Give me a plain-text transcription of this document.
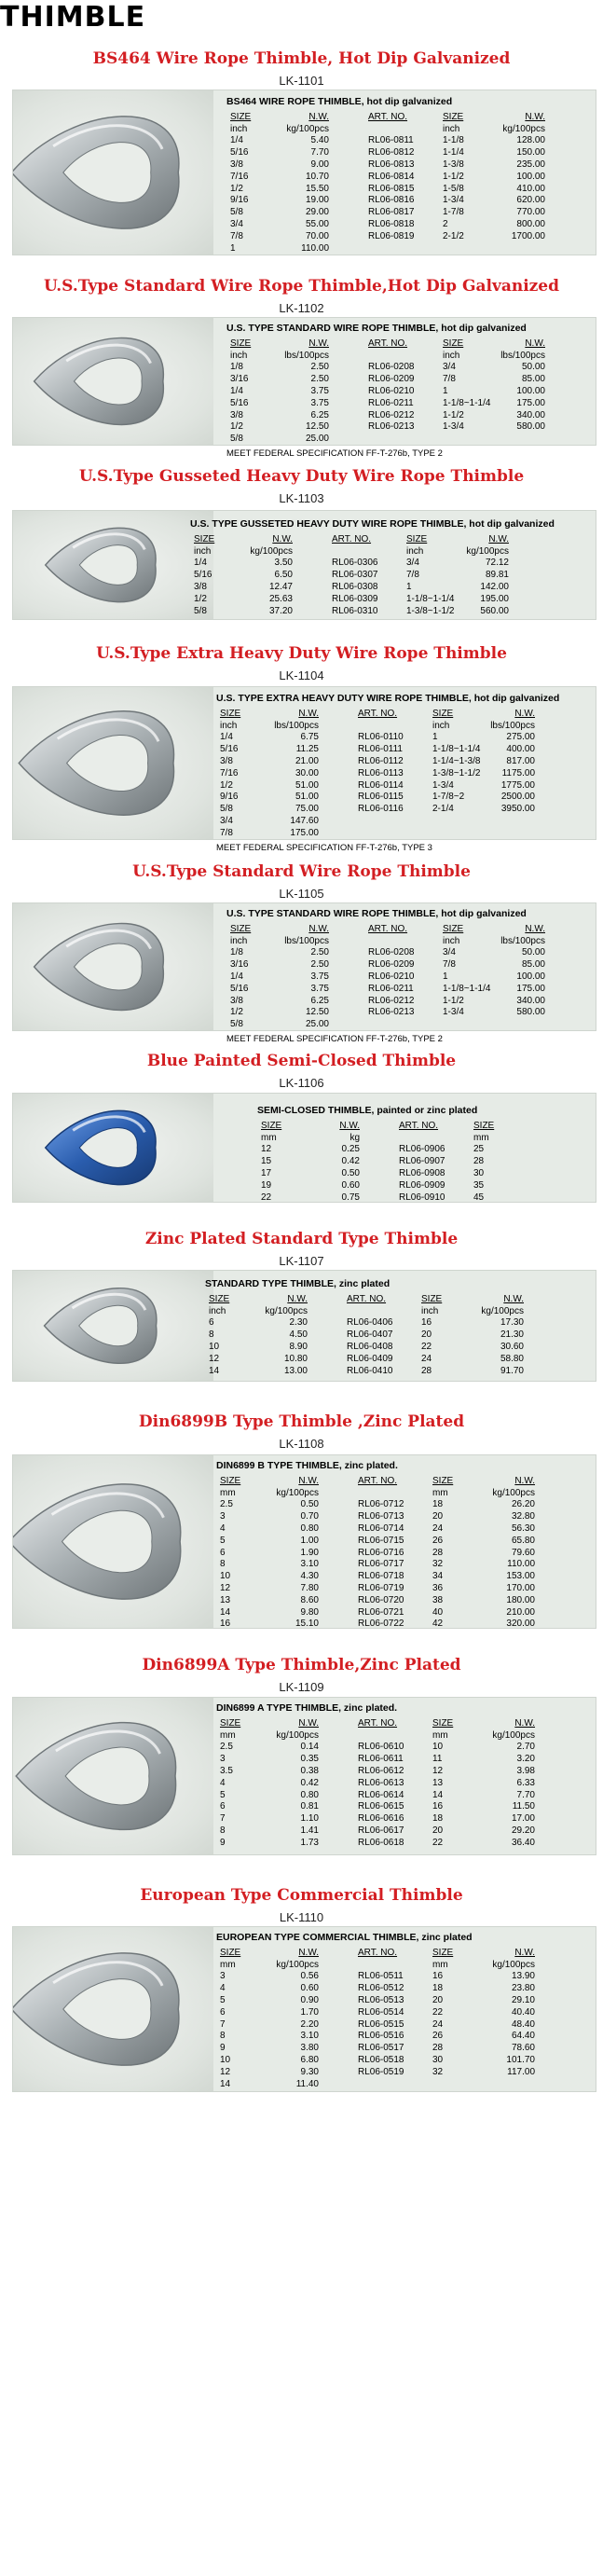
THIMBLE
BS464 Wire Rope Thimble, Hot Dip Galvanized
LK-1101
BS464 WIRE ROPE THIMBLE, hot dip galvanized
SIZE	N.W.	ART. NO.	SIZE	N.W.
inch	kg/100pcs		inch	kg/100pcs
1/4	5.40	RL06-0811	1-1/8	128.00
5/16	7.70	RL06-0812	1-1/4	150.00
3/8	9.00	RL06-0813	1-3/8	235.00
7/16	10.70	RL06-0814	1-1/2	100.00
1/2	15.50	RL06-0815	1-5/8	410.00
9/16	19.00	RL06-0816	1-3/4	620.00
5/8	29.00	RL06-0817	1-7/8	770.00
3/4	55.00	RL06-0818	2	800.00
7/8	70.00	RL06-0819	2-1/2	1700.00
1	110.00			
U.S.Type Standard Wire Rope Thimble,Hot Dip Galvanized
LK-1102
U.S. TYPE STANDARD WIRE ROPE THIMBLE, hot dip galvanized
SIZE	N.W.	ART. NO.	SIZE	N.W.
inch	lbs/100pcs		inch	lbs/100pcs
1/8	2.50	RL06-0208	3/4	50.00
3/16	2.50	RL06-0209	7/8	85.00
1/4	3.75	RL06-0210	1	100.00
5/16	3.75	RL06-0211	1-1/8~1-1/4	175.00
3/8	6.25	RL06-0212	1-1/2	340.00
1/2	12.50	RL06-0213	1-3/4	580.00
5/8	25.00			
MEET FEDERAL SPECIFICATION FF-T-276b, TYPE 2
U.S.Type Gusseted Heavy Duty Wire Rope Thimble
LK-1103
U.S. TYPE GUSSETED HEAVY DUTY WIRE ROPE THIMBLE, hot dip galvanized
SIZE	N.W.	ART. NO.	SIZE	N.W.
inch	kg/100pcs		inch	kg/100pcs
1/4	3.50	RL06-0306	3/4	72.12
5/16	6.50	RL06-0307	7/8	89.81
3/8	12.47	RL06-0308	1	142.00
1/2	25.63	RL06-0309	1-1/8~1-1/4	195.00
5/8	37.20	RL06-0310	1-3/8~1-1/2	560.00
U.S.Type Extra Heavy Duty Wire Rope Thimble
LK-1104
U.S. TYPE EXTRA HEAVY DUTY WIRE ROPE THIMBLE, hot dip galvanized
SIZE	N.W.	ART. NO.	SIZE	N.W.
inch	lbs/100pcs		inch	lbs/100pcs
1/4	6.75	RL06-0110	1	275.00
5/16	11.25	RL06-0111	1-1/8~1-1/4	400.00
3/8	21.00	RL06-0112	1-1/4~1-3/8	817.00
7/16	30.00	RL06-0113	1-3/8~1-1/2	1175.00
1/2	51.00	RL06-0114	1-3/4	1775.00
9/16	51.00	RL06-0115	1-7/8~2	2500.00
5/8	75.00	RL06-0116	2-1/4	3950.00
3/4	147.60			
7/8	175.00			
MEET FEDERAL SPECIFICATION FF-T-276b, TYPE 3
U.S.Type Standard Wire Rope Thimble
LK-1105
U.S. TYPE STANDARD WIRE ROPE THIMBLE, hot dip galvanized
SIZE	N.W.	ART. NO.	SIZE	N.W.
inch	lbs/100pcs		inch	lbs/100pcs
1/8	2.50	RL06-0208	3/4	50.00
3/16	2.50	RL06-0209	7/8	85.00
1/4	3.75	RL06-0210	1	100.00
5/16	3.75	RL06-0211	1-1/8~1-1/4	175.00
3/8	6.25	RL06-0212	1-1/2	340.00
1/2	12.50	RL06-0213	1-3/4	580.00
5/8	25.00			
MEET FEDERAL SPECIFICATION FF-T-276b, TYPE 2
Blue Painted Semi-Closed Thimble
LK-1106
SEMI-CLOSED THIMBLE, painted or zinc plated
SIZE	N.W.	ART. NO.	SIZE	
mm	kg		mm	
12	0.25	RL06-0906	25	
15	0.42	RL06-0907	28	
17	0.50	RL06-0908	30	
19	0.60	RL06-0909	35	
22	0.75	RL06-0910	45	
Zinc Plated Standard Type Thimble
LK-1107
STANDARD TYPE THIMBLE, zinc plated
SIZE	N.W.	ART. NO.	SIZE	N.W.
inch	kg/100pcs		inch	kg/100pcs
6	2.30	RL06-0406	16	17.30
8	4.50	RL06-0407	20	21.30
10	8.90	RL06-0408	22	30.60
12	10.80	RL06-0409	24	58.80
14	13.00	RL06-0410	28	91.70
Din6899B Type Thimble ,Zinc Plated
LK-1108
DIN6899 B TYPE THIMBLE, zinc plated.
SIZE	N.W.	ART. NO.	SIZE	N.W.
mm	kg/100pcs		mm	kg/100pcs
2.5	0.50	RL06-0712	18	26.20
3	0.70	RL06-0713	20	32.80
4	0.80	RL06-0714	24	56.30
5	1.00	RL06-0715	26	65.80
6	1.90	RL06-0716	28	79.60
8	3.10	RL06-0717	32	110.00
10	4.30	RL06-0718	34	153.00
12	7.80	RL06-0719	36	170.00
13	8.60	RL06-0720	38	180.00
14	9.80	RL06-0721	40	210.00
16	15.10	RL06-0722	42	320.00
Din6899A Type Thimble,Zinc Plated
LK-1109
DIN6899 A TYPE THIMBLE, zinc plated.
SIZE	N.W.	ART. NO.	SIZE	N.W.
mm	kg/100pcs		mm	kg/100pcs
2.5	0.14	RL06-0610	10	2.70
3	0.35	RL06-0611	11	3.20
3.5	0.38	RL06-0612	12	3.98
4	0.42	RL06-0613	13	6.33
5	0.80	RL06-0614	14	7.70
6	0.81	RL06-0615	16	11.50
7	1.10	RL06-0616	18	17.00
8	1.41	RL06-0617	20	29.20
9	1.73	RL06-0618	22	36.40
European Type Commercial Thimble
LK-1110
EUROPEAN TYPE COMMERCIAL THIMBLE, zinc plated
SIZE	N.W.	ART. NO.	SIZE	N.W.
mm	kg/100pcs		mm	kg/100pcs
3	0.56	RL06-0511	16	13.90
4	0.60	RL06-0512	18	23.80
5	0.90	RL06-0513	20	29.10
6	1.70	RL06-0514	22	40.40
7	2.20	RL06-0515	24	48.40
8	3.10	RL06-0516	26	64.40
9	3.80	RL06-0517	28	78.60
10	6.80	RL06-0518	30	101.70
12	9.30	RL06-0519	32	117.00
14	11.40			
